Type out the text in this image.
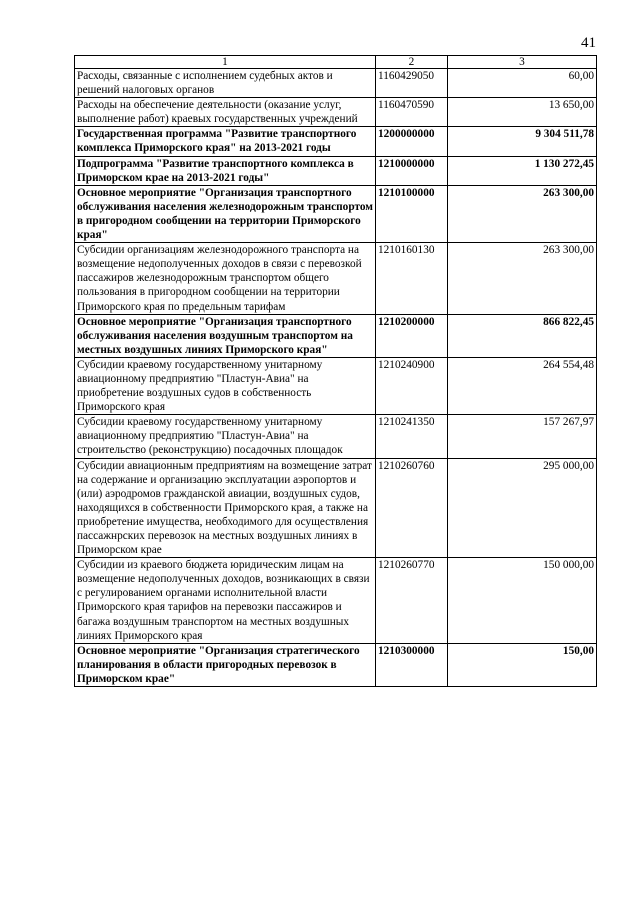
41
1	2	3
Расходы, связанные с исполнением судебных актов и решений налоговых органов	1160429050	60,00
Расходы на обеспечение деятельности (оказание услуг, выполнение работ) краевых государственных учреждений	1160470590	13 650,00
Государственная программа "Развитие транспортного комплекса Приморского края" на 2013-2021 годы	1200000000	9 304 511,78
Подпрограмма "Развитие транспортного комплекса в Приморском крае на 2013-2021 годы"	1210000000	1 130 272,45
Основное мероприятие "Организация транспортного обслуживания населения железнодорожным транспортом в пригородном сообщении на территории Приморского края"	1210100000	263 300,00
Субсидии организациям железнодорожного транспорта на возмещение недополученных доходов в связи с перевозкой пассажиров железнодорожным транспортом общего пользования в пригородном сообщении на территории Приморского края по предельным тарифам	1210160130	263 300,00
Основное мероприятие "Организация транспортного обслуживания населения воздушным транспортом на местных воздушных линиях Приморского края"	1210200000	866 822,45
Субсидии краевому государственному унитарному авиационному предприятию "Пластун-Авиа" на приобретение воздушных судов в собственность Приморского края	1210240900	264 554,48
Субсидии краевому государственному унитарному авиационному предприятию "Пластун-Авиа" на строительство (реконструкцию) посадочных площадок	1210241350	157 267,97
Субсидии авиационным предприятиям на возмещение затрат на содержание и организацию эксплуатации аэропортов и (или) аэродромов гражданской авиации, воздушных судов, находящихся в собственности Приморского края, а также на приобретение имущества, необходимого для осуществления пассажнрских перевозок на местных воздушных линиях в Приморском крае	1210260760	295 000,00
Субсидии из краевого бюджета юридическим лицам на возмещение недополученных доходов, возникающих в связи с регулированием органами исполнительной власти Приморского края тарифов на перевозки пассажиров и багажа воздушным транспортом на местных воздушных линиях Приморского края	1210260770	150 000,00
Основное мероприятие "Организация стратегического планирования в области пригородных перевозок в Приморском крае"	1210300000	150,00
